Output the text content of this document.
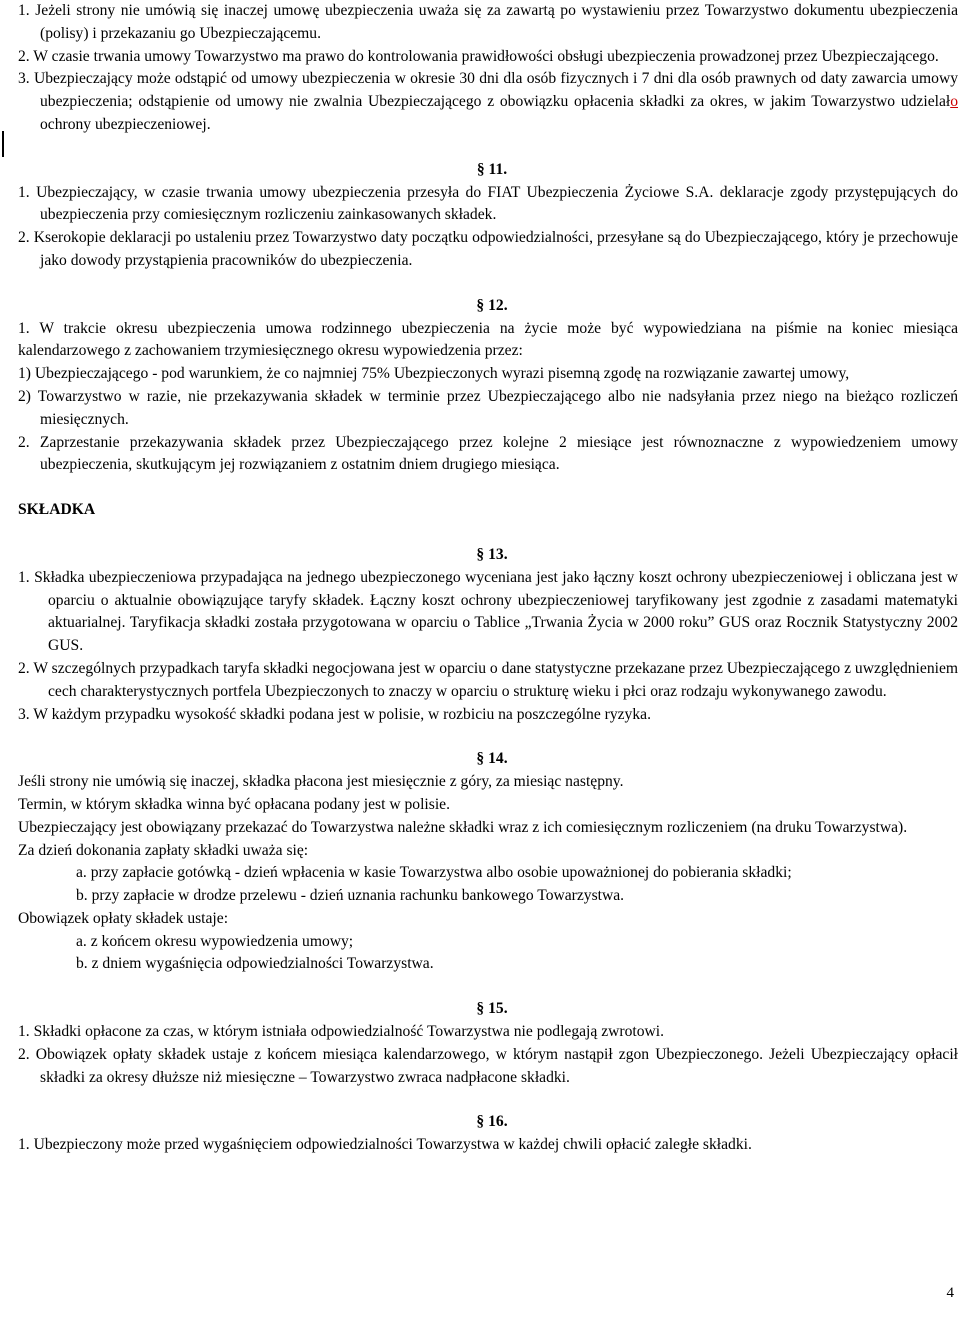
1. Jeżeli strony nie umówią się inaczej umowę ubezpieczenia uważa się za zawartą po wystawieniu przez Towarzystwo dokumentu ubezpieczenia (polisy) i przekazaniu go Ubezpieczającemu.

2. W czasie trwania umowy Towarzystwo ma prawo do kontrolowania prawidłowości obsługi ubezpieczenia prowadzonej przez Ubezpieczającego.

3. Ubezpieczający może odstąpić od umowy ubezpieczenia w okresie 30 dni dla osób fizycznych i 7 dni dla osób prawnych od daty zawarcia umowy ubezpieczenia; odstąpienie od umowy nie zwalnia Ubezpieczającego z obowiązku opłacenia składki za okres, w jakim Towarzystwo udzielało ochrony ubezpieczeniowej.

§ 11.

1. Ubezpieczający, w czasie trwania umowy ubezpieczenia przesyła do FIAT Ubezpieczenia Życiowe S.A. deklaracje zgody przystępujących do ubezpieczenia przy comiesięcznym rozliczeniu zainkasowanych składek.

2. Kserokopie deklaracji po ustaleniu przez Towarzystwo daty początku odpowiedzialności, przesyłane są do Ubezpieczającego, który je przechowuje jako dowody przystąpienia pracowników do ubezpieczenia.

§ 12.

1. W trakcie okresu ubezpieczenia umowa rodzinnego ubezpieczenia na życie może być wypowiedziana na piśmie na koniec miesiąca kalendarzowego z zachowaniem trzymiesięcznego okresu wypowiedzenia przez:

1) Ubezpieczającego - pod warunkiem, że co najmniej 75% Ubezpieczonych wyrazi pisemną zgodę na rozwiązanie zawartej umowy,

2) Towarzystwo w razie, nie przekazywania składek w terminie przez Ubezpieczającego albo nie nadsyłania przez niego na bieżąco rozliczeń miesięcznych.

2. Zaprzestanie przekazywania składek przez Ubezpieczającego przez kolejne 2 miesiące jest równoznaczne z wypowiedzeniem umowy ubezpieczenia, skutkującym jej rozwiązaniem z ostatnim dniem drugiego miesiąca.

SKŁADKA

§ 13.

1. Składka ubezpieczeniowa przypadająca na jednego ubezpieczonego wyceniana jest jako łączny koszt ochrony ubezpieczeniowej i obliczana jest w oparciu o aktualnie obowiązujące taryfy składek. Łączny koszt ochrony ubezpieczeniowej taryfikowany jest zgodnie z zasadami matematyki aktuarialnej. Taryfikacja składki została przygotowana w oparciu o Tablice „Trwania Życia w 2000 roku” GUS oraz Rocznik Statystyczny 2002 GUS.

2. W szczególnych przypadkach taryfa składki negocjowana jest w oparciu o dane statystyczne przekazane przez Ubezpieczającego z uwzględnieniem cech charakterystycznych portfela Ubezpieczonych to znaczy w oparciu o strukturę wieku i płci oraz rodzaju wykonywanego zawodu.

3. W każdym przypadku wysokość składki podana jest w polisie, w rozbiciu na poszczególne ryzyka.

§ 14.

Jeśli strony nie umówią się inaczej, składka płacona jest miesięcznie z góry, za miesiąc następny.

Termin, w którym składka winna być opłacana podany jest w polisie.

Ubezpieczający jest obowiązany przekazać do Towarzystwa należne składki wraz z ich comiesięcznym rozliczeniem (na druku Towarzystwa).

Za dzień dokonania zapłaty składki uważa się:

a. przy zapłacie gotówką - dzień wpłacenia w kasie Towarzystwa albo osobie upoważnionej do pobierania składki;

b. przy zapłacie w drodze przelewu - dzień uznania rachunku bankowego Towarzystwa.

Obowiązek opłaty składek ustaje:

a. z końcem okresu wypowiedzenia umowy;

b. z dniem wygaśnięcia odpowiedzialności Towarzystwa.

§ 15.

1. Składki opłacone za czas, w którym istniała odpowiedzialność Towarzystwa nie podlegają zwrotowi.

2. Obowiązek opłaty składek ustaje z końcem miesiąca kalendarzowego, w którym nastąpił zgon Ubezpieczonego. Jeżeli Ubezpieczający opłacił składki za okresy dłuższe niż miesięczne – Towarzystwo zwraca nadpłacone składki.

§ 16.

1. Ubezpieczony może przed wygaśnięciem odpowiedzialności Towarzystwa w każdej chwili opłacić zaległe składki.

4
